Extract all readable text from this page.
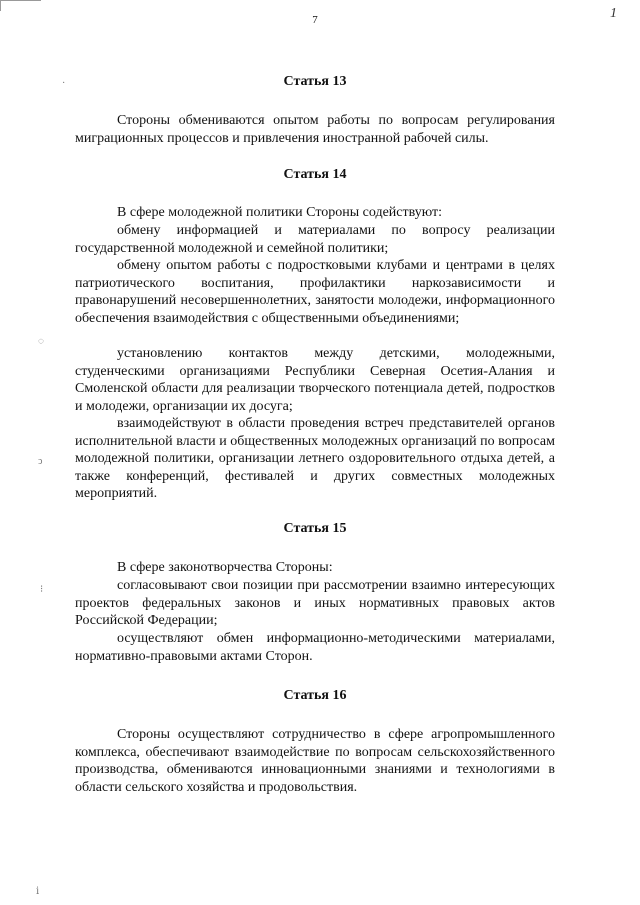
7	1
·
◌
ↄ
⁝
ⅰ
Статья 13

Стороны обмениваются опытом работы по вопросам регулирования миграционных процессов и привлечения иностранной рабочей силы.

Статья 14

В сфере молодежной политики Стороны содействуют:

обмену информацией и материалами по вопросу реализации государственной молодежной и семейной политики;

обмену опытом работы с подростковыми клубами и центрами в целях патриотического воспитания, профилактики наркозависимости и правонарушений несовершеннолетних, занятости молодежи, информационного обеспечения взаимодействия с общественными объединениями;

установлению контактов между детскими, молодежными, студенческими организациями Республики Северная Осетия-Алания и Смоленской области для реализации творческого потенциала детей, подростков и молодежи, организации их досуга;

взаимодействуют в области проведения встреч представителей органов исполнительной власти и общественных молодежных организаций по вопросам молодежной политики, организации летнего оздоровительного отдыха детей, а также конференций, фестивалей и других совместных молодежных мероприятий.

Статья 15

В сфере законотворчества Стороны:

согласовывают свои позиции при рассмотрении взаимно интересующих проектов федеральных законов и иных нормативных правовых актов Российской Федерации;

осуществляют обмен информационно-методическими материалами, нормативно-правовыми актами Сторон.

Статья 16

Стороны осуществляют сотрудничество в сфере агропромышленного комплекса, обеспечивают взаимодействие по вопросам сельскохозяйственного производства, обмениваются инновационными знаниями и технологиями в области сельского хозяйства и продовольствия.
